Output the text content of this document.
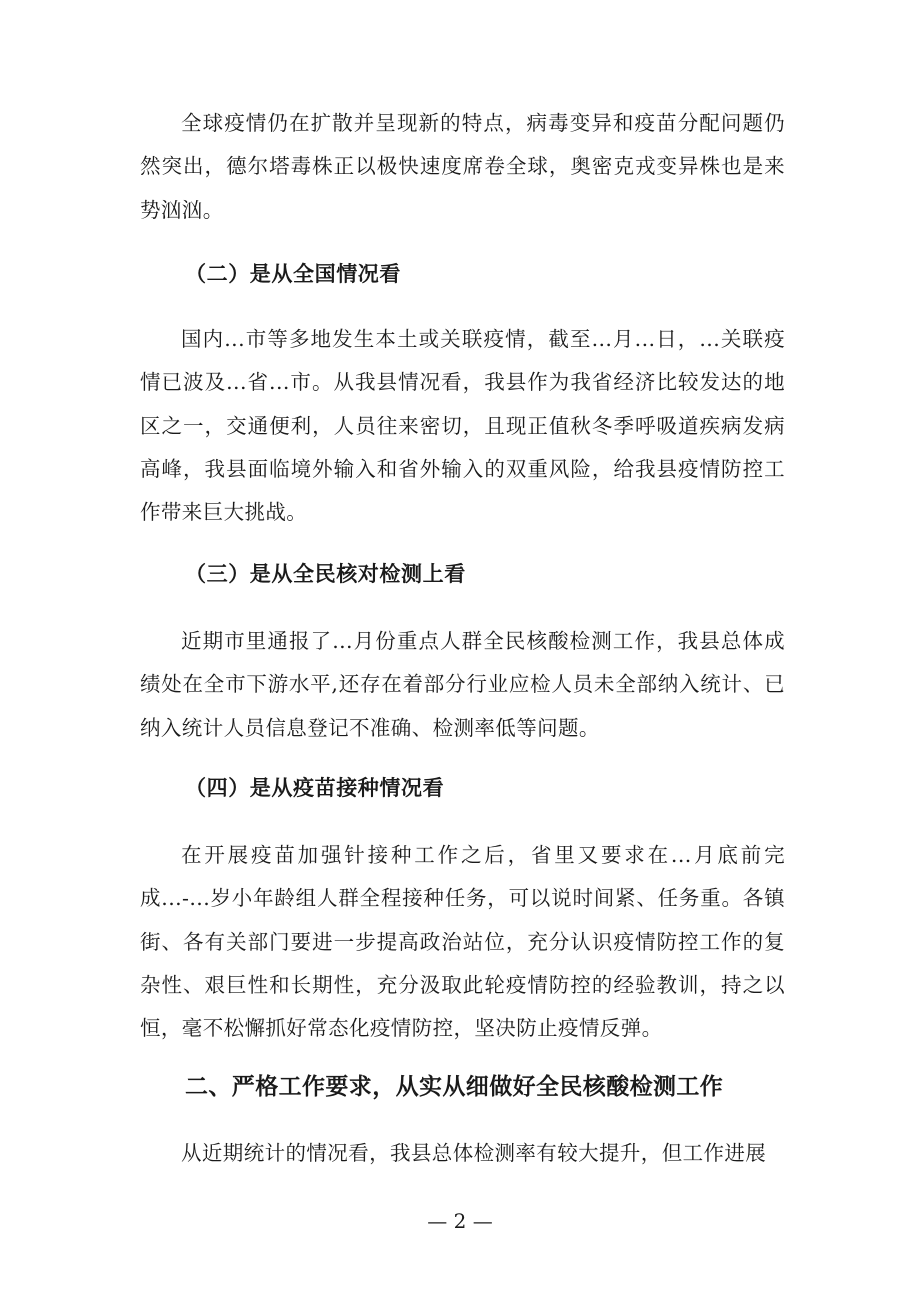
全球疫情仍在扩散并呈现新的特点，病毒变异和疫苗分配问题仍然突出，德尔塔毒株正以极快速度席卷全球，奥密克戎变异株也是来势汹汹。

（二）是从全国情况看

国内...市等多地发生本土或关联疫情，截至...月...日，...关联疫情已波及...省...市。从我县情况看，我县作为我省经济比较发达的地区之一，交通便利，人员往来密切，且现正值秋冬季呼吸道疾病发病高峰，我县面临境外输入和省外输入的双重风险，给我县疫情防控工作带来巨大挑战。

（三）是从全民核对检测上看

近期市里通报了...月份重点人群全民核酸检测工作，我县总体成绩处在全市下游水平,还存在着部分行业应检人员未全部纳入统计、已纳入统计人员信息登记不准确、检测率低等问题。

（四）是从疫苗接种情况看

在开展疫苗加强针接种工作之后，省里又要求在...月底前完成...-...岁小年龄组人群全程接种任务，可以说时间紧、任务重。各镇街、各有关部门要进一步提高政治站位，充分认识疫情防控工作的复杂性、艰巨性和长期性，充分汲取此轮疫情防控的经验教训，持之以恒，毫不松懈抓好常态化疫情防控，坚决防止疫情反弹。

二、严格工作要求，从实从细做好全民核酸检测工作

从近期统计的情况看，我县总体检测率有较大提升，但工作进展

— 2 —
